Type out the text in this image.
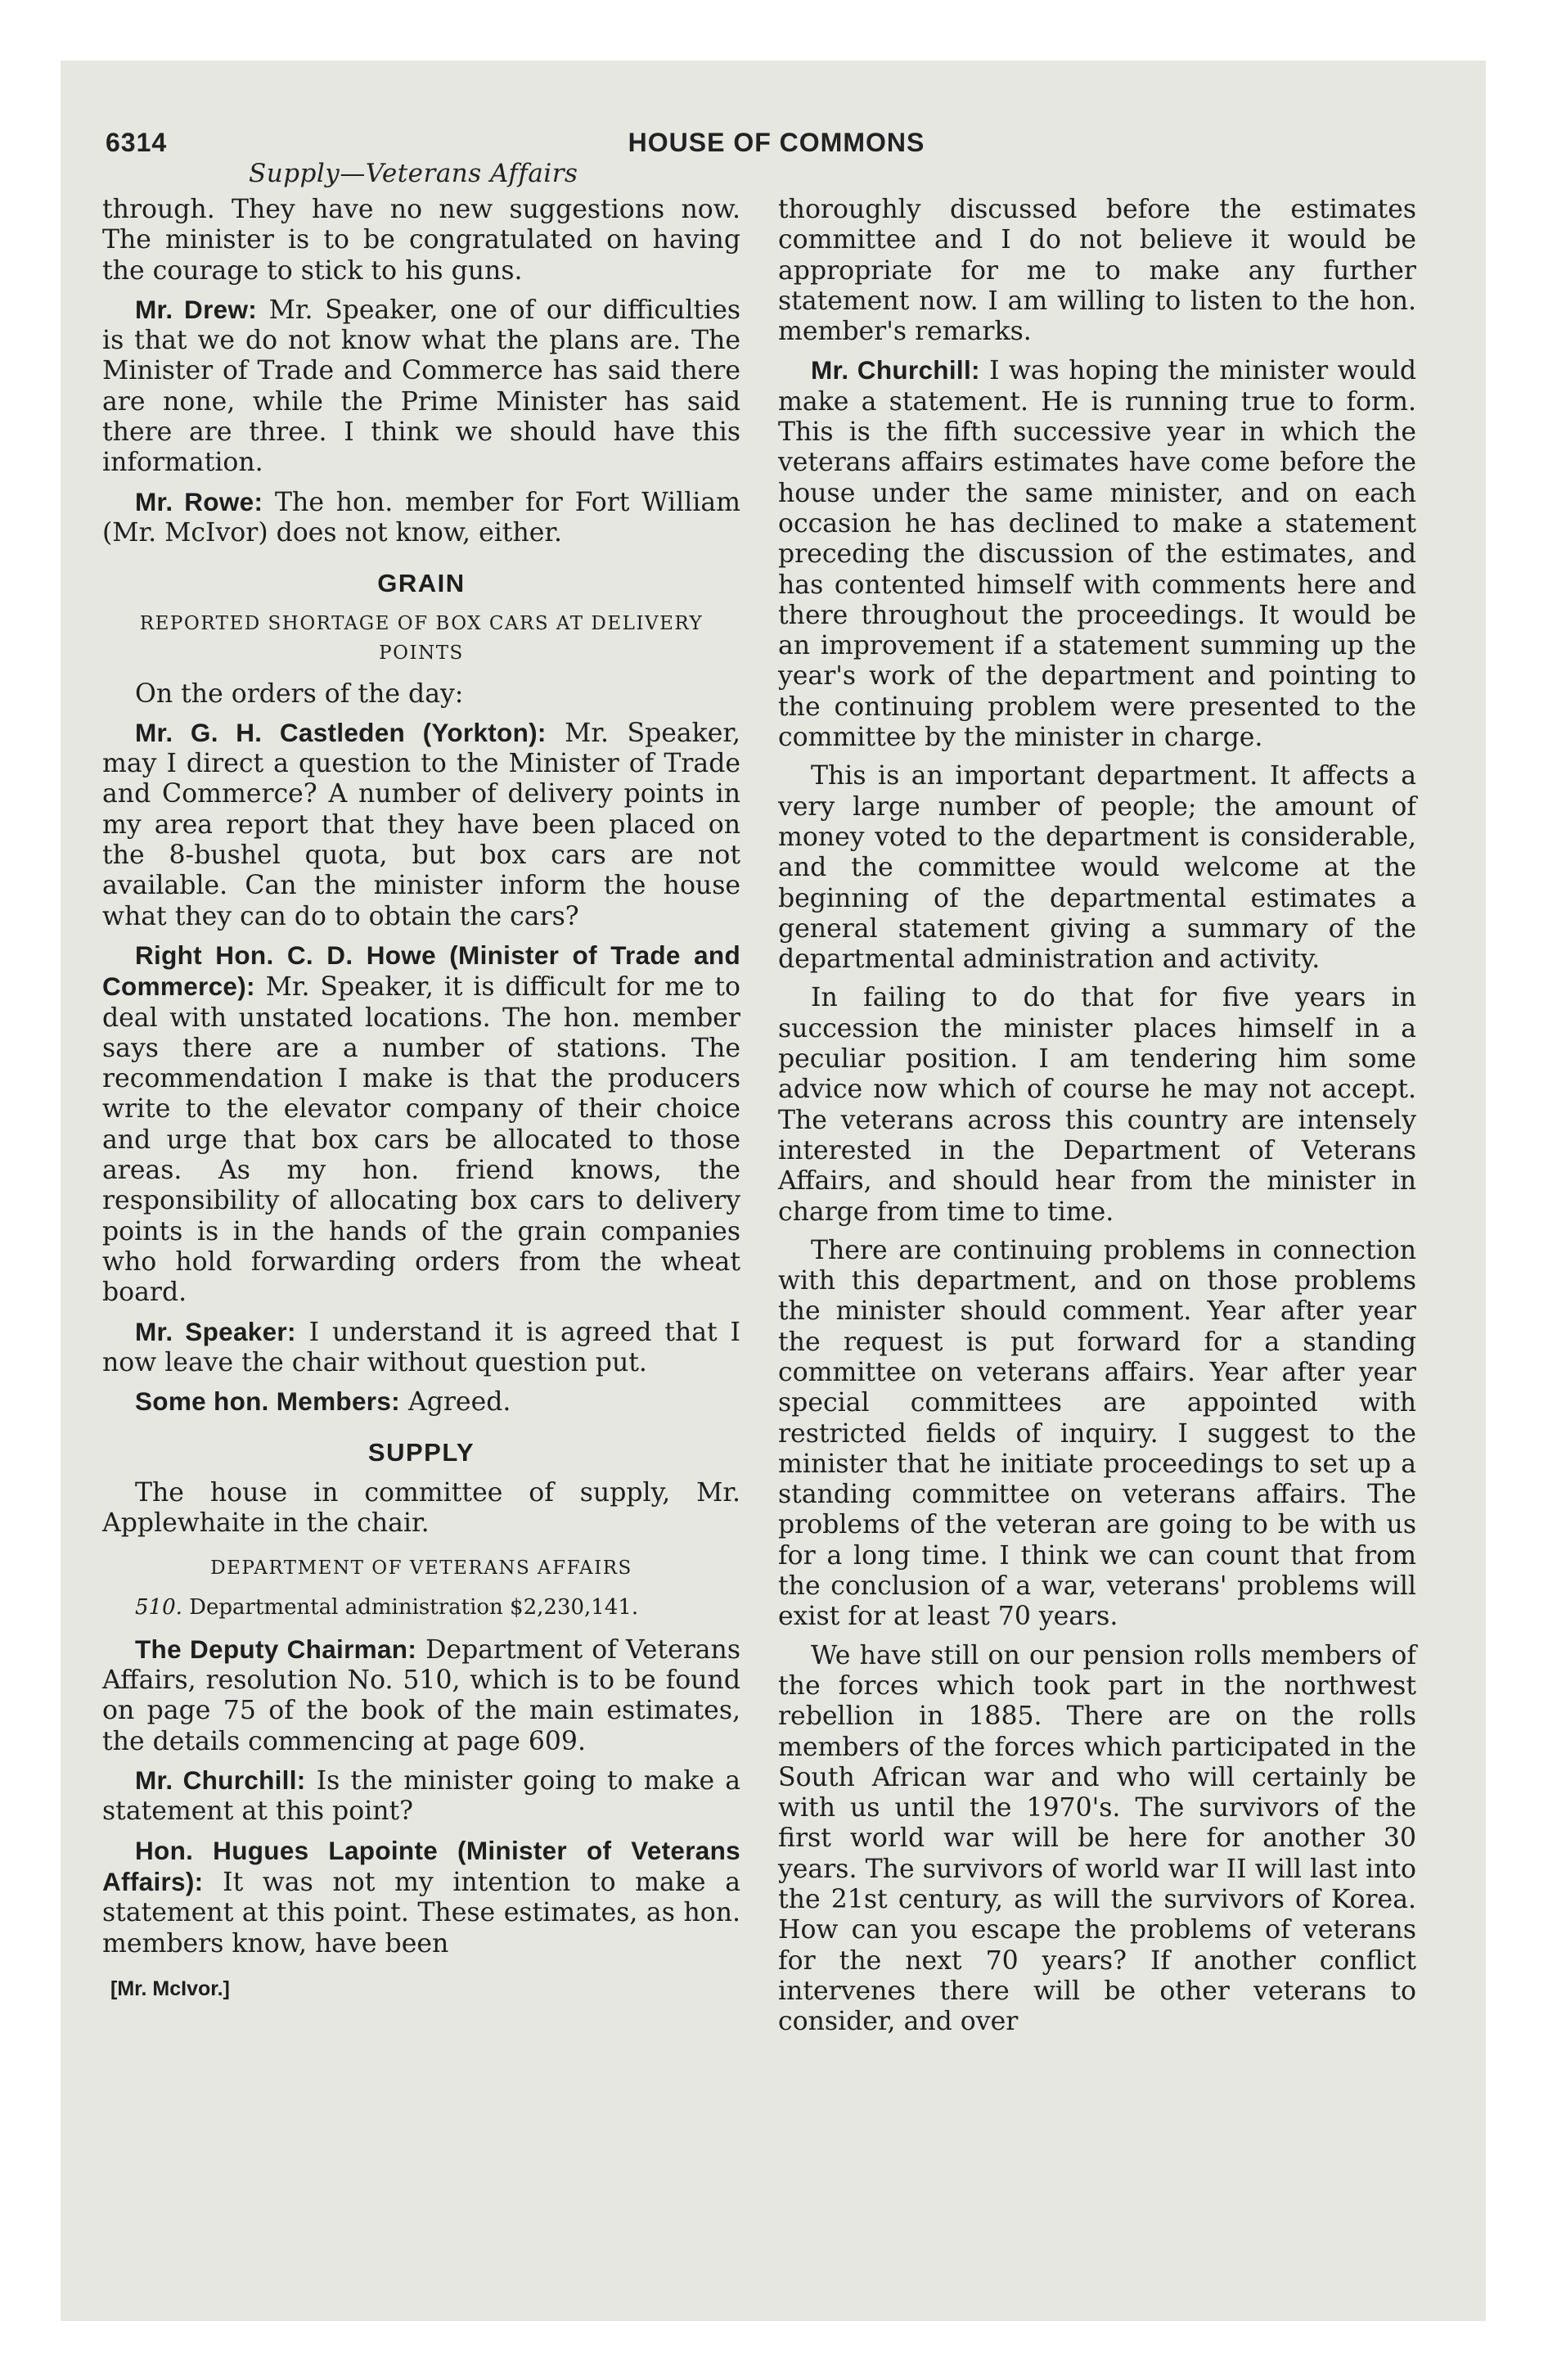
6314	HOUSE OF COMMONS
Supply—Veterans Affairs

through. They have no new suggestions now. The minister is to be congratulated on having the courage to stick to his guns.

Mr. Drew: Mr. Speaker, one of our difficulties is that we do not know what the plans are. The Minister of Trade and Commerce has said there are none, while the Prime Minister has said there are three. I think we should have this information.

Mr. Rowe: The hon. member for Fort William (Mr. McIvor) does not know, either.

GRAIN
REPORTED SHORTAGE OF BOX CARS AT DELIVERY POINTS

On the orders of the day:

Mr. G. H. Castleden (Yorkton): Mr. Speaker, may I direct a question to the Minister of Trade and Commerce? A number of delivery points in my area report that they have been placed on the 8-bushel quota, but box cars are not available. Can the minister inform the house what they can do to obtain the cars?

Right Hon. C. D. Howe (Minister of Trade and Commerce): Mr. Speaker, it is difficult for me to deal with unstated locations. The hon. member says there are a number of stations. The recommendation I make is that the producers write to the elevator company of their choice and urge that box cars be allocated to those areas. As my hon. friend knows, the responsibility of allocating box cars to delivery points is in the hands of the grain companies who hold forwarding orders from the wheat board.

Mr. Speaker: I understand it is agreed that I now leave the chair without question put.

Some hon. Members: Agreed.

SUPPLY

The house in committee of supply, Mr. Applewhaite in the chair.

DEPARTMENT OF VETERANS AFFAIRS

510. Departmental administration $2,230,141.

The Deputy Chairman: Department of Veterans Affairs, resolution No. 510, which is to be found on page 75 of the book of the main estimates, the details commencing at page 609.

Mr. Churchill: Is the minister going to make a statement at this point?

Hon. Hugues Lapointe (Minister of Veterans Affairs): It was not my intention to make a statement at this point. These estimates, as hon. members know, have been

[Mr. McIvor.]

thoroughly discussed before the estimates committee and I do not believe it would be appropriate for me to make any further statement now. I am willing to listen to the hon. member's remarks.

Mr. Churchill: I was hoping the minister would make a statement. He is running true to form. This is the fifth successive year in which the veterans affairs estimates have come before the house under the same minister, and on each occasion he has declined to make a statement preceding the discussion of the estimates, and has contented himself with comments here and there throughout the proceedings. It would be an improvement if a statement summing up the year's work of the department and pointing to the continuing problem were presented to the committee by the minister in charge.

This is an important department. It affects a very large number of people; the amount of money voted to the department is considerable, and the committee would welcome at the beginning of the departmental estimates a general statement giving a summary of the departmental administration and activity.

In failing to do that for five years in succession the minister places himself in a peculiar position. I am tendering him some advice now which of course he may not accept. The veterans across this country are intensely interested in the Department of Veterans Affairs, and should hear from the minister in charge from time to time.

There are continuing problems in connection with this department, and on those problems the minister should comment. Year after year the request is put forward for a standing committee on veterans affairs. Year after year special committees are appointed with restricted fields of inquiry. I suggest to the minister that he initiate proceedings to set up a standing committee on veterans affairs. The problems of the veteran are going to be with us for a long time. I think we can count that from the conclusion of a war, veterans' problems will exist for at least 70 years.

We have still on our pension rolls members of the forces which took part in the northwest rebellion in 1885. There are on the rolls members of the forces which participated in the South African war and who will certainly be with us until the 1970's. The survivors of the first world war will be here for another 30 years. The survivors of world war II will last into the 21st century, as will the survivors of Korea. How can you escape the problems of veterans for the next 70 years? If another conflict intervenes there will be other veterans to consider, and over
